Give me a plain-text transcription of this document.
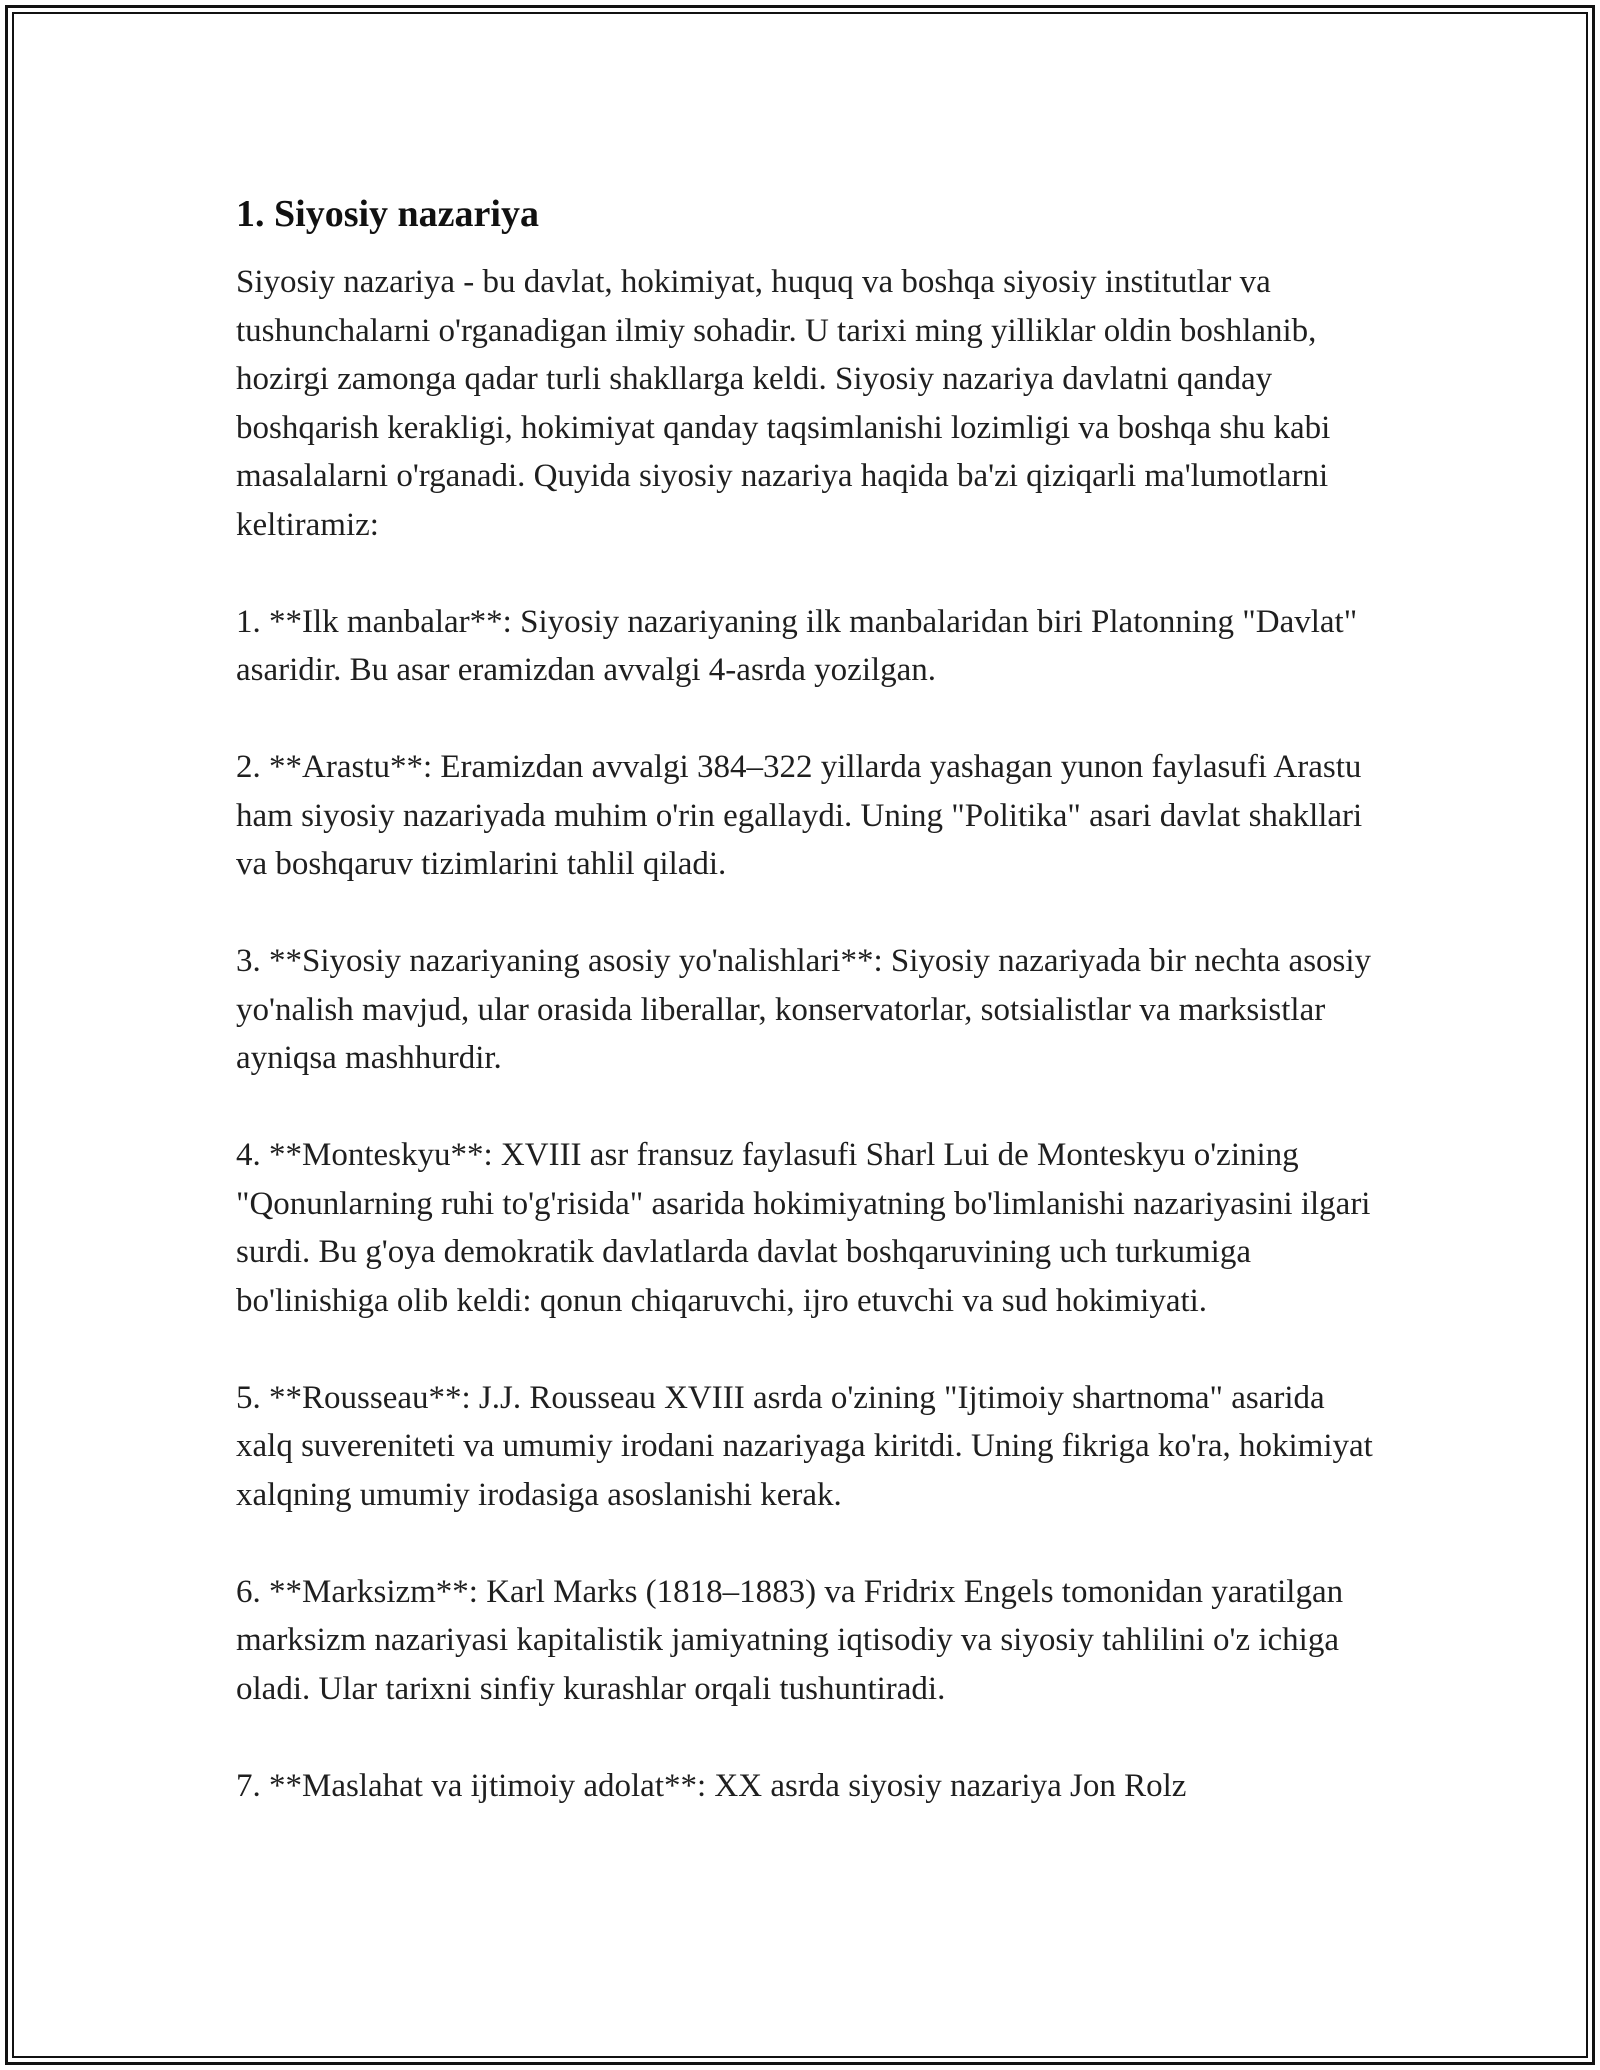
1. Siyosiy nazariya

Siyosiy nazariya - bu davlat, hokimiyat, huquq va boshqa siyosiy institutlar va tushunchalarni o'rganadigan ilmiy sohadir. U tarixi ming yilliklar oldin boshlanib, hozirgi zamonga qadar turli shakllarga keldi. Siyosiy nazariya davlatni qanday boshqarish kerakligi, hokimiyat qanday taqsimlanishi lozimligi va boshqa shu kabi masalalarni o'rganadi. Quyida siyosiy nazariya haqida ba'zi qiziqarli ma'lumotlarni keltiramiz:

1. **Ilk manbalar**: Siyosiy nazariyaning ilk manbalaridan biri Platonning "Davlat" asaridir. Bu asar eramizdan avvalgi 4-asrda yozilgan.

2. **Arastu**: Eramizdan avvalgi 384–322 yillarda yashagan yunon faylasufi Arastu ham siyosiy nazariyada muhim o'rin egallaydi. Uning "Politika" asari davlat shakllari va boshqaruv tizimlarini tahlil qiladi.

3. **Siyosiy nazariyaning asosiy yo'nalishlari**: Siyosiy nazariyada bir nechta asosiy yo'nalish mavjud, ular orasida liberallar, konservatorlar, sotsialistlar va marksistlar ayniqsa mashhurdir.

4. **Monteskyu**: XVIII asr fransuz faylasufi Sharl Lui de Monteskyu o'zining "Qonunlarning ruhi to'g'risida" asarida hokimiyatning bo'limlanishi nazariyasini ilgari surdi. Bu g'oya demokratik davlatlarda davlat boshqaruvining uch turkumiga bo'linishiga olib keldi: qonun chiqaruvchi, ijro etuvchi va sud hokimiyati.

5. **Rousseau**: J.J. Rousseau XVIII asrda o'zining "Ijtimoiy shartnoma" asarida xalq suvereniteti va umumiy irodani nazariyaga kiritdi. Uning fikriga ko'ra, hokimiyat xalqning umumiy irodasiga asoslanishi kerak.

6. **Marksizm**: Karl Marks (1818–1883) va Fridrix Engels tomonidan yaratilgan marksizm nazariyasi kapitalistik jamiyatning iqtisodiy va siyosiy tahlilini o'z ichiga oladi. Ular tarixni sinfiy kurashlar orqali tushuntiradi.

7. **Maslahat va ijtimoiy adolat**: XX asrda siyosiy nazariya Jon Rolz
